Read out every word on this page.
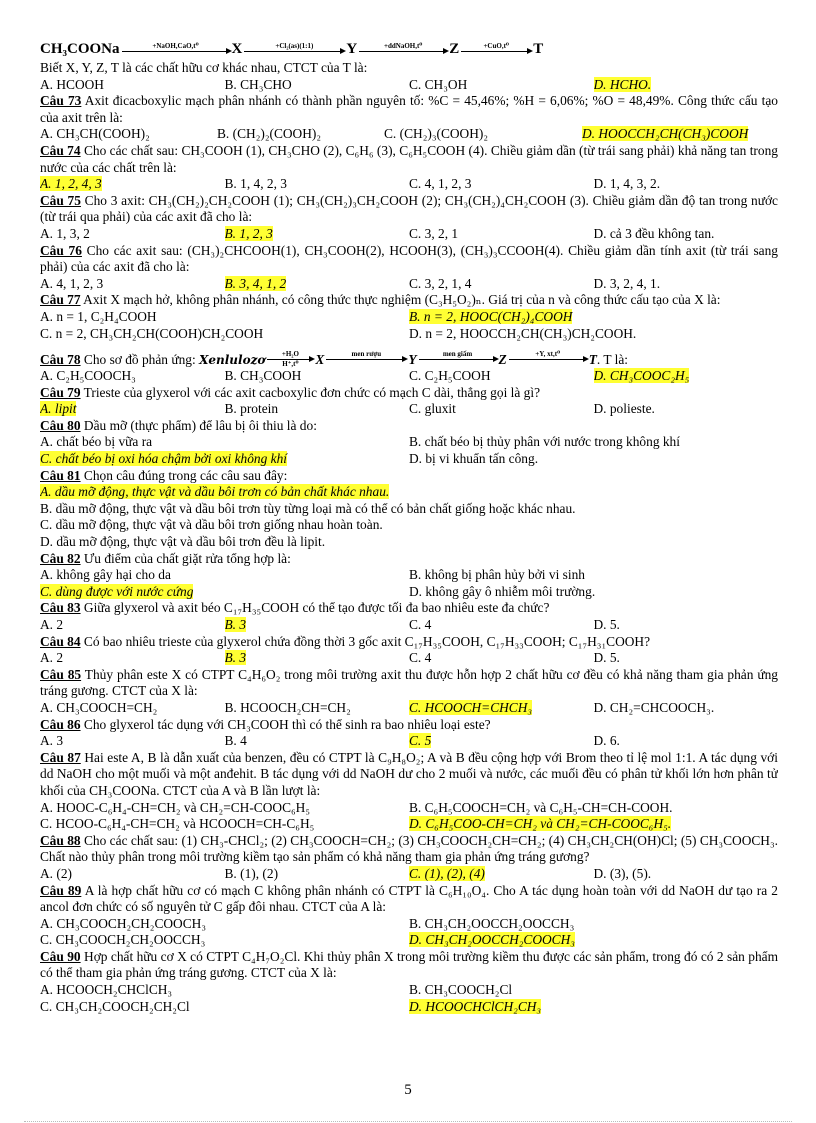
CH₃COONa	+NaOH,CaO,t⁰	X	+Cl₂(as)(1:1)	Y	+ddNaOH,t⁰	Z	+CuO,t⁰	T
Biết X, Y, Z, T là các chất hữu cơ khác nhau, CTCT của T là:
A. HCOOH	B. CH₃CHO	C. CH₃OH	D. HCHO.
Câu 73 Axit đicacboxylic mạch phân nhánh có thành phần nguyên tố: %C = 45,46%; %H = 6,06%; %O = 48,49%. Công thức cấu tạo của axit trên là:
A. CH₃CH(COOH)₂	B. (CH₂)₂(COOH)₂	C. (CH₂)₃(COOH)₂	D. HOOCCH₂CH(CH₃)COOH
Câu 74 Cho các chất sau: CH₃COOH (1), CH₃CHO (2), C₆H₆ (3), C₆H₅COOH (4). Chiều giảm dần (từ trái sang phải) khả năng tan trong nước của các chất trên là:
A. 1, 2, 4, 3	B. 1, 4, 2, 3	C. 4, 1, 2, 3	D. 1, 4, 3, 2.
Câu 75 Cho 3 axit: CH₃(CH₂)₂CH₂COOH (1); CH₃(CH₂)₃CH₂COOH (2); CH₃(CH₂)₄CH₂COOH (3). Chiều giảm dần độ tan trong nước (từ trái qua phải) của các axit đã cho là:
A. 1, 3, 2	B. 1, 2, 3	C. 3, 2, 1	D. cả 3 đều không tan.
Câu 76 Cho các axit sau: (CH₃)₂CHCOOH(1), CH₃COOH(2), HCOOH(3), (CH₃)₃CCOOH(4). Chiều giảm dần tính axit (từ trái sang phải) của các axit đã cho là:
A. 4, 1, 2, 3	B. 3, 4, 1, 2	C. 3, 2, 1, 4	D. 3, 2, 4, 1.
Câu 77 Axit X mạch hở, không phân nhánh, có công thức thực nghiệm (C₃H₅O₂)ₙ. Giá trị của n và công thức cấu tạo của X là:
A. n = 1, C₂H₄COOH	B. n = 2, HOOC(CH₂)₄COOH
C. n = 2, CH₃CH₂CH(COOH)CH₂COOH	D. n = 2, HOOCCH₂CH(CH₃)CH₂COOH.
Câu 78 Cho sơ đồ phản ứng: Xenlulozơ	+H₂O
H⁺,t⁰ X	men rượu	Y	men giấm	Z	+Y, xt,t⁰	T . T là:
A. C₂H₅COOCH₃	B. CH₃COOH	C. C₂H₅COOH	D. CH₃COOC₂H₅
Câu 79 Trieste của glyxerol với các axit cacboxylic đơn chức có mạch C dài, thẳng gọi là gì?
A. lipit	B. protein	C. gluxit	D. polieste.
Câu 80 Dầu mỡ (thực phẩm) để lâu bị ôi thiu là do:
A. chất béo bị vữa ra	B. chất béo bị thủy phân với nước trong không khí
C. chất béo bị oxi hóa chậm bởi oxi không khí	D. bị vi khuẩn tấn công.
Câu 81 Chọn câu đúng trong các câu sau đây:
A. dầu mỡ động, thực vật và dầu bôi trơn có bản chất khác nhau.
B. dầu mỡ động, thực vật và dầu bôi trơn tùy từng loại mà có thể có bản chất giống hoặc khác nhau.
C. dầu mỡ động, thực vật và dầu bôi trơn giống nhau hoàn toàn.
D. dầu mỡ động, thực vật và dầu bôi trơn đều là lipit.
Câu 82 Ưu điểm của chất giặt rửa tổng hợp là:
A. không gây hại cho da	B. không bị phân hủy bởi vi sinh
C. dùng được với nước cứng	D. không gây ô nhiễm môi trường.
Câu 83 Giữa glyxerol và axit béo C₁₇H₃₅COOH có thể tạo được tối đa bao nhiêu este đa chức?
A. 2	B. 3	C. 4	D. 5.
Câu 84 Có bao nhiêu trieste của glyxerol chứa đồng thời 3 gốc axit C₁₇H₃₅COOH, C₁₇H₃₃COOH; C₁₇H₃₁COOH?
A. 2	B. 3	C. 4	D. 5.
Câu 85 Thủy phân este X có CTPT C₄H₆O₂ trong môi trường axit thu được hỗn hợp 2 chất hữu cơ đều có khả năng tham gia phản ứng tráng gương. CTCT của X là:
A. CH₃COOCH=CH₂	B. HCOOCH₂CH=CH₂	C. HCOOCH=CHCH₃	D. CH₂=CHCOOCH₃.
Câu 86 Cho glyxerol tác dụng với CH₃COOH thì có thể sinh ra bao nhiêu loại este?
A. 3	B. 4	C. 5	D. 6.
Câu 87 Hai este A, B là dẫn xuất của benzen, đều có CTPT là C₉H₈O₂; A và B đều cộng hợp với Brom theo tỉ lệ mol 1:1. A tác dụng với dd NaOH cho một muối và một anđehit. B tác dụng với dd NaOH dư cho 2 muối và nước, các muối đều có phân tử khối lớn hơn phân tử khối của CH₃COONa. CTCT của A và B lần lượt là:
A. HOOC-C₆H₄-CH=CH₂ và CH₂=CH-COOC₆H₅	B. C₆H₅COOCH=CH₂ và C₆H₅-CH=CH-COOH.
C. HCOO-C₆H₄-CH=CH₂ và HCOOCH=CH-C₆H₅	D. C₆H₅COO-CH=CH₂ và CH₂=CH-COOC₆H₅.
Câu 88 Cho các chất sau: (1) CH₃-CHCl₂; (2) CH₃COOCH=CH₂; (3) CH₃COOCH₂CH=CH₂; (4) CH₃CH₂CH(OH)Cl; (5) CH₃COOCH₃. Chất nào thủy phân trong môi trường kiềm tạo sản phẩm có khả năng tham gia phản ứng tráng gương?
A. (2)	B. (1), (2)	C. (1), (2), (4)	D. (3), (5).
Câu 89 A là hợp chất hữu cơ có mạch C không phân nhánh có CTPT là C₆H₁₀O₄. Cho A tác dụng hoàn toàn với dd NaOH dư tạo ra 2 ancol đơn chức có số nguyên tử C gấp đôi nhau. CTCT của A là:
A. CH₃COOCH₂CH₂COOCH₃	B. CH₃CH₂OOCCH₂OOCCH₃
C. CH₃COOCH₂CH₂OOCCH₃	D. CH₃CH₂OOCCH₂COOCH₃
Câu 90 Hợp chất hữu cơ X có CTPT C₄H₇O₂Cl. Khi thủy phân X trong môi trường kiềm thu được các sản phẩm, trong đó có 2 sản phẩm có thể tham gia phản ứng tráng gương. CTCT của X là:
A. HCOOCH₂CHClCH₃	B. CH₃COOCH₂Cl
C. CH₃CH₂COOCH₂CH₂Cl	D. HCOOCHClCH₂CH₃
5
